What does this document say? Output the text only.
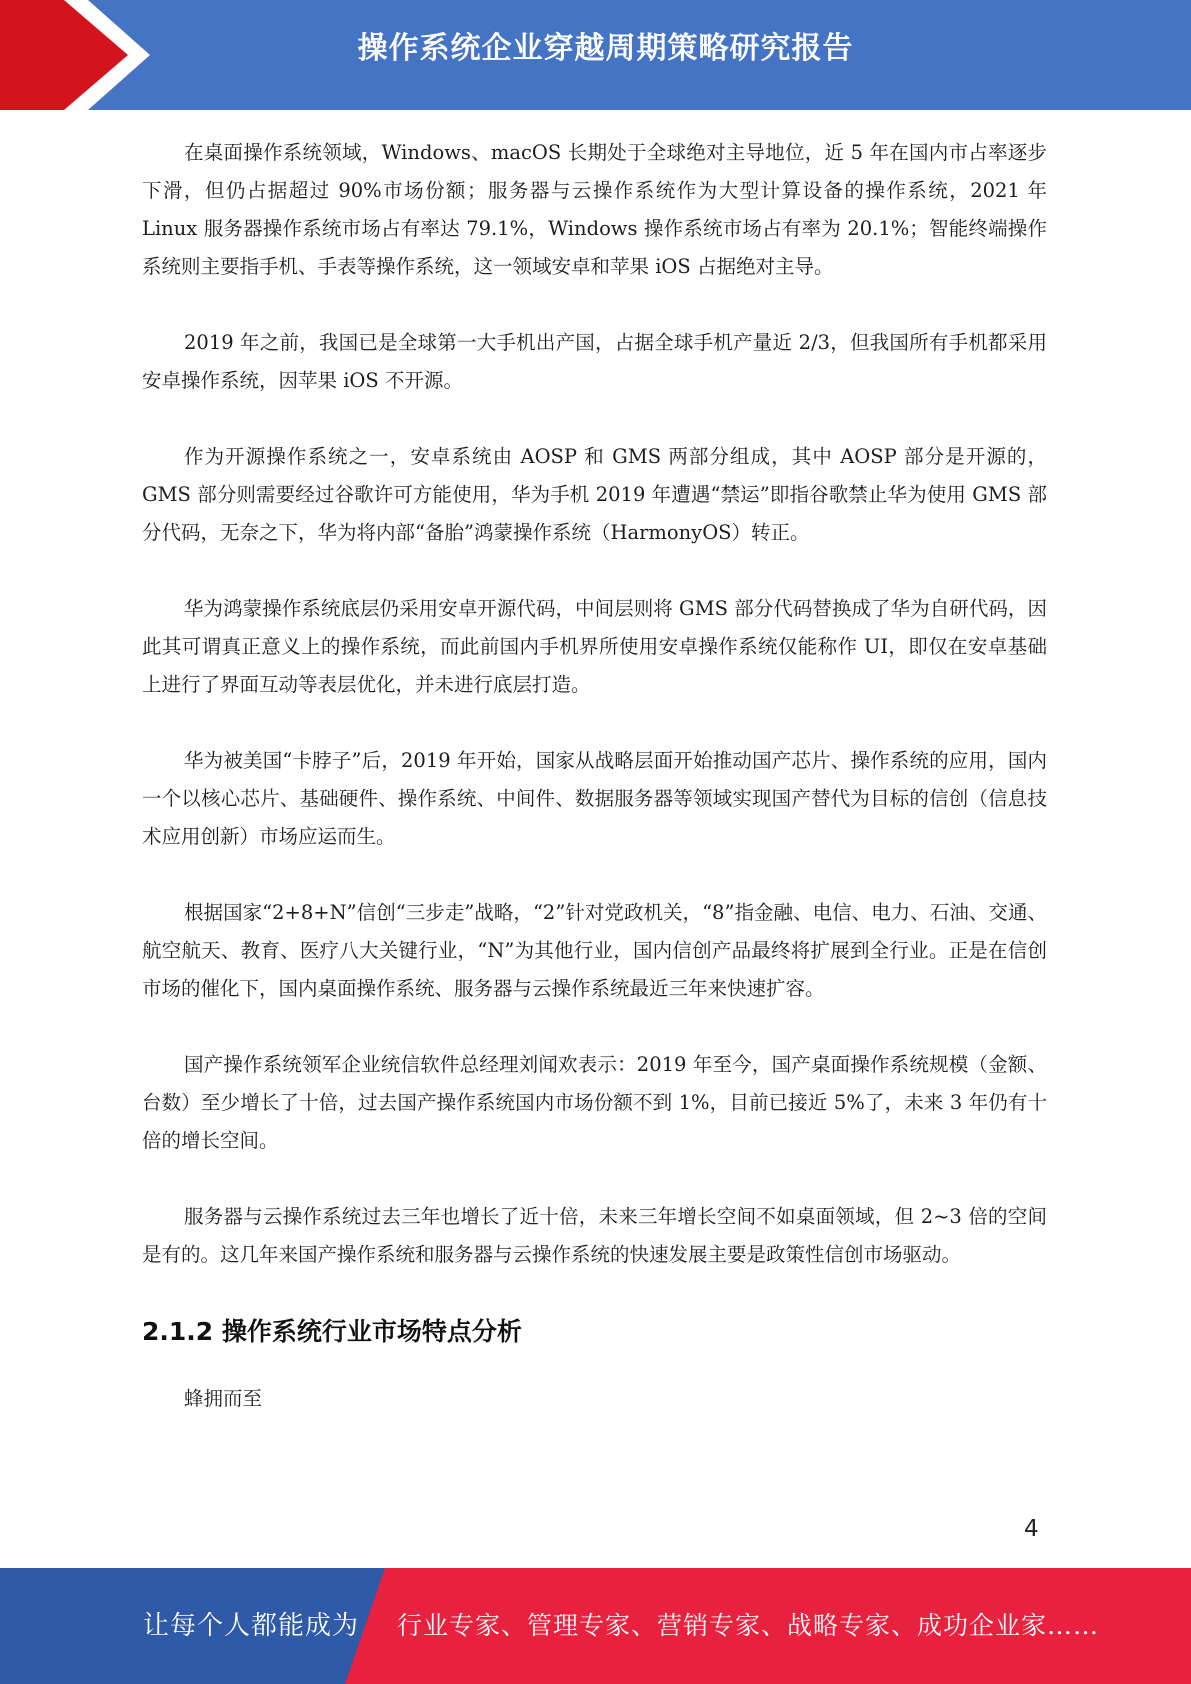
操作系统企业穿越周期策略研究报告

在桌面操作系统领域，Windows、macOS 长期处于全球绝对主导地位，近 5 年在国内市占率逐步下滑，但仍占据超过 90%市场份额；服务器与云操作系统作为大型计算设备的操作系统，2021 年 Linux 服务器操作系统市场占有率达 79.1%，Windows 操作系统市场占有率为 20.1%；智能终端操作系统则主要指手机、手表等操作系统，这一领域安卓和苹果 iOS 占据绝对主导。

2019 年之前，我国已是全球第一大手机出产国，占据全球手机产量近 2/3，但我国所有手机都采用安卓操作系统，因苹果 iOS 不开源。

作为开源操作系统之一，安卓系统由 AOSP 和 GMS 两部分组成，其中 AOSP 部分是开源的，GMS 部分则需要经过谷歌许可方能使用，华为手机 2019 年遭遇“禁运”即指谷歌禁止华为使用 GMS 部分代码，无奈之下，华为将内部“备胎”鸿蒙操作系统（HarmonyOS）转正。

华为鸿蒙操作系统底层仍采用安卓开源代码，中间层则将 GMS 部分代码替换成了华为自研代码，因此其可谓真正意义上的操作系统，而此前国内手机界所使用安卓操作系统仅能称作 UI，即仅在安卓基础上进行了界面互动等表层优化，并未进行底层打造。

华为被美国“卡脖子”后，2019 年开始，国家从战略层面开始推动国产芯片、操作系统的应用，国内一个以核心芯片、基础硬件、操作系统、中间件、数据服务器等领域实现国产替代为目标的信创（信息技术应用创新）市场应运而生。

根据国家“2+8+N”信创“三步走”战略，“2”针对党政机关，“8”指金融、电信、电力、石油、交通、航空航天、教育、医疗八大关键行业，“N”为其他行业，国内信创产品最终将扩展到全行业。正是在信创市场的催化下，国内桌面操作系统、服务器与云操作系统最近三年来快速扩容。

国产操作系统领军企业统信软件总经理刘闻欢表示：2019 年至今，国产桌面操作系统规模（金额、台数）至少增长了十倍，过去国产操作系统国内市场份额不到 1%，目前已接近 5%了，未来 3 年仍有十倍的增长空间。

服务器与云操作系统过去三年也增长了近十倍，未来三年增长空间不如桌面领域，但 2~3 倍的空间是有的。这几年来国产操作系统和服务器与云操作系统的快速发展主要是政策性信创市场驱动。

2.1.2 操作系统行业市场特点分析

蜂拥而至

4
让每个人都能成为 行业专家、管理专家、营销专家、战略专家、成功企业家……
